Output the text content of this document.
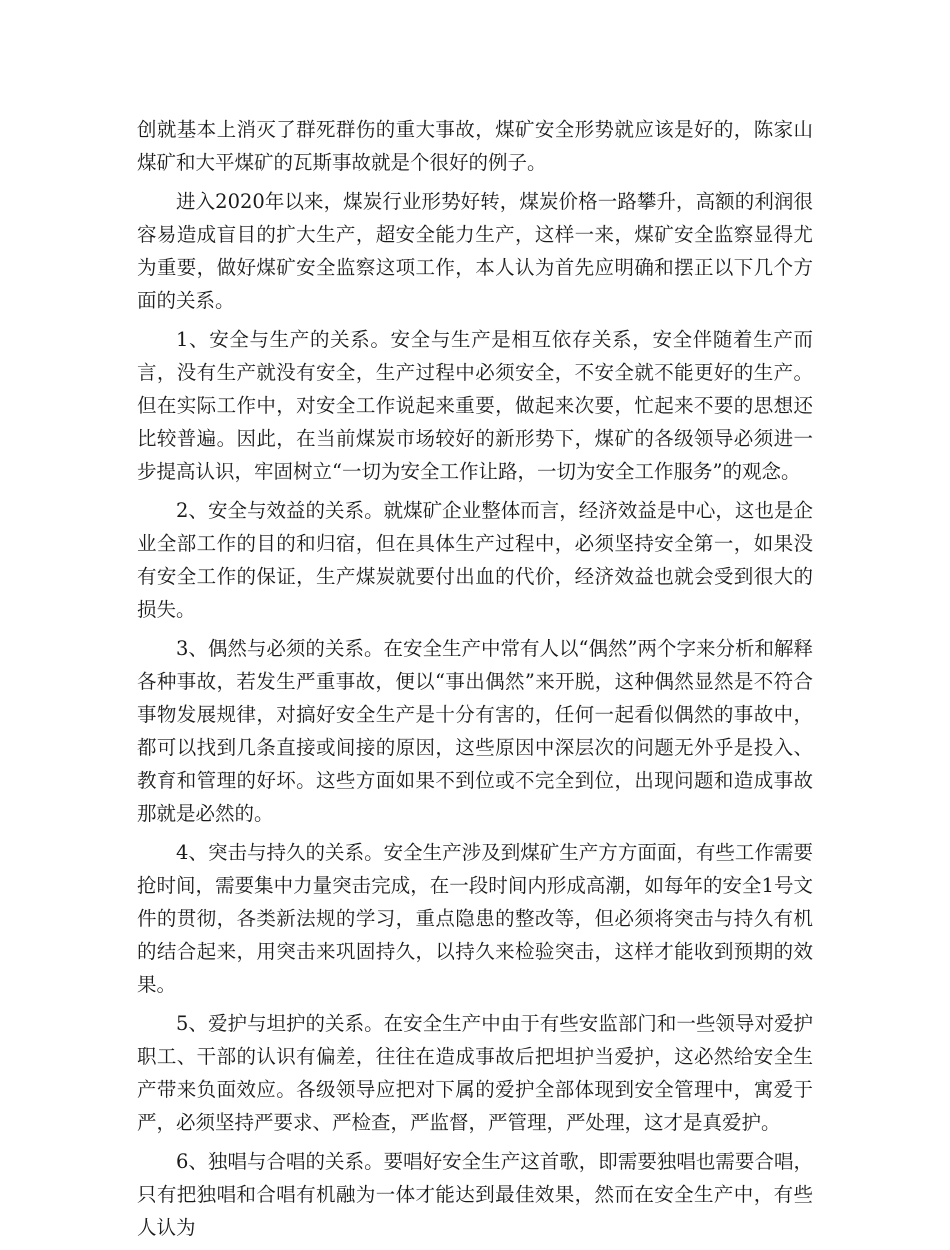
创就基本上消灭了群死群伤的重大事故，煤矿安全形势就应该是好的，陈家山煤矿和大平煤矿的瓦斯事故就是个很好的例子。

进入2020年以来，煤炭行业形势好转，煤炭价格一路攀升，高额的利润很容易造成盲目的扩大生产，超安全能力生产，这样一来，煤矿安全监察显得尤为重要，做好煤矿安全监察这项工作，本人认为首先应明确和摆正以下几个方面的关系。

1、安全与生产的关系。安全与生产是相互依存关系，安全伴随着生产而言，没有生产就没有安全，生产过程中必须安全，不安全就不能更好的生产。但在实际工作中，对安全工作说起来重要，做起来次要，忙起来不要的思想还比较普遍。因此，在当前煤炭市场较好的新形势下，煤矿的各级领导必须进一步提高认识，牢固树立“一切为安全工作让路，一切为安全工作服务”的观念。

2、安全与效益的关系。就煤矿企业整体而言，经济效益是中心，这也是企业全部工作的目的和归宿，但在具体生产过程中，必须坚持安全第一，如果没有安全工作的保证，生产煤炭就要付出血的代价，经济效益也就会受到很大的损失。

3、偶然与必须的关系。在安全生产中常有人以“偶然”两个字来分析和解释各种事故，若发生严重事故，便以“事出偶然”来开脱，这种偶然显然是不符合事物发展规律，对搞好安全生产是十分有害的，任何一起看似偶然的事故中，都可以找到几条直接或间接的原因，这些原因中深层次的问题无外乎是投入、教育和管理的好坏。这些方面如果不到位或不完全到位，出现问题和造成事故那就是必然的。

4、突击与持久的关系。安全生产涉及到煤矿生产方方面面，有些工作需要抢时间，需要集中力量突击完成，在一段时间内形成高潮，如每年的安全1号文件的贯彻，各类新法规的学习，重点隐患的整改等，但必须将突击与持久有机的结合起来，用突击来巩固持久，以持久来检验突击，这样才能收到预期的效果。

5、爱护与坦护的关系。在安全生产中由于有些安监部门和一些领导对爱护职工、干部的认识有偏差，往往在造成事故后把坦护当爱护，这必然给安全生产带来负面效应。各级领导应把对下属的爱护全部体现到安全管理中，寓爱于严，必须坚持严要求、严检查，严监督，严管理，严处理，这才是真爱护。

6、独唱与合唱的关系。要唱好安全生产这首歌，即需要独唱也需要合唱，只有把独唱和合唱有机融为一体才能达到最佳效果，然而在安全生产中，有些人认为
